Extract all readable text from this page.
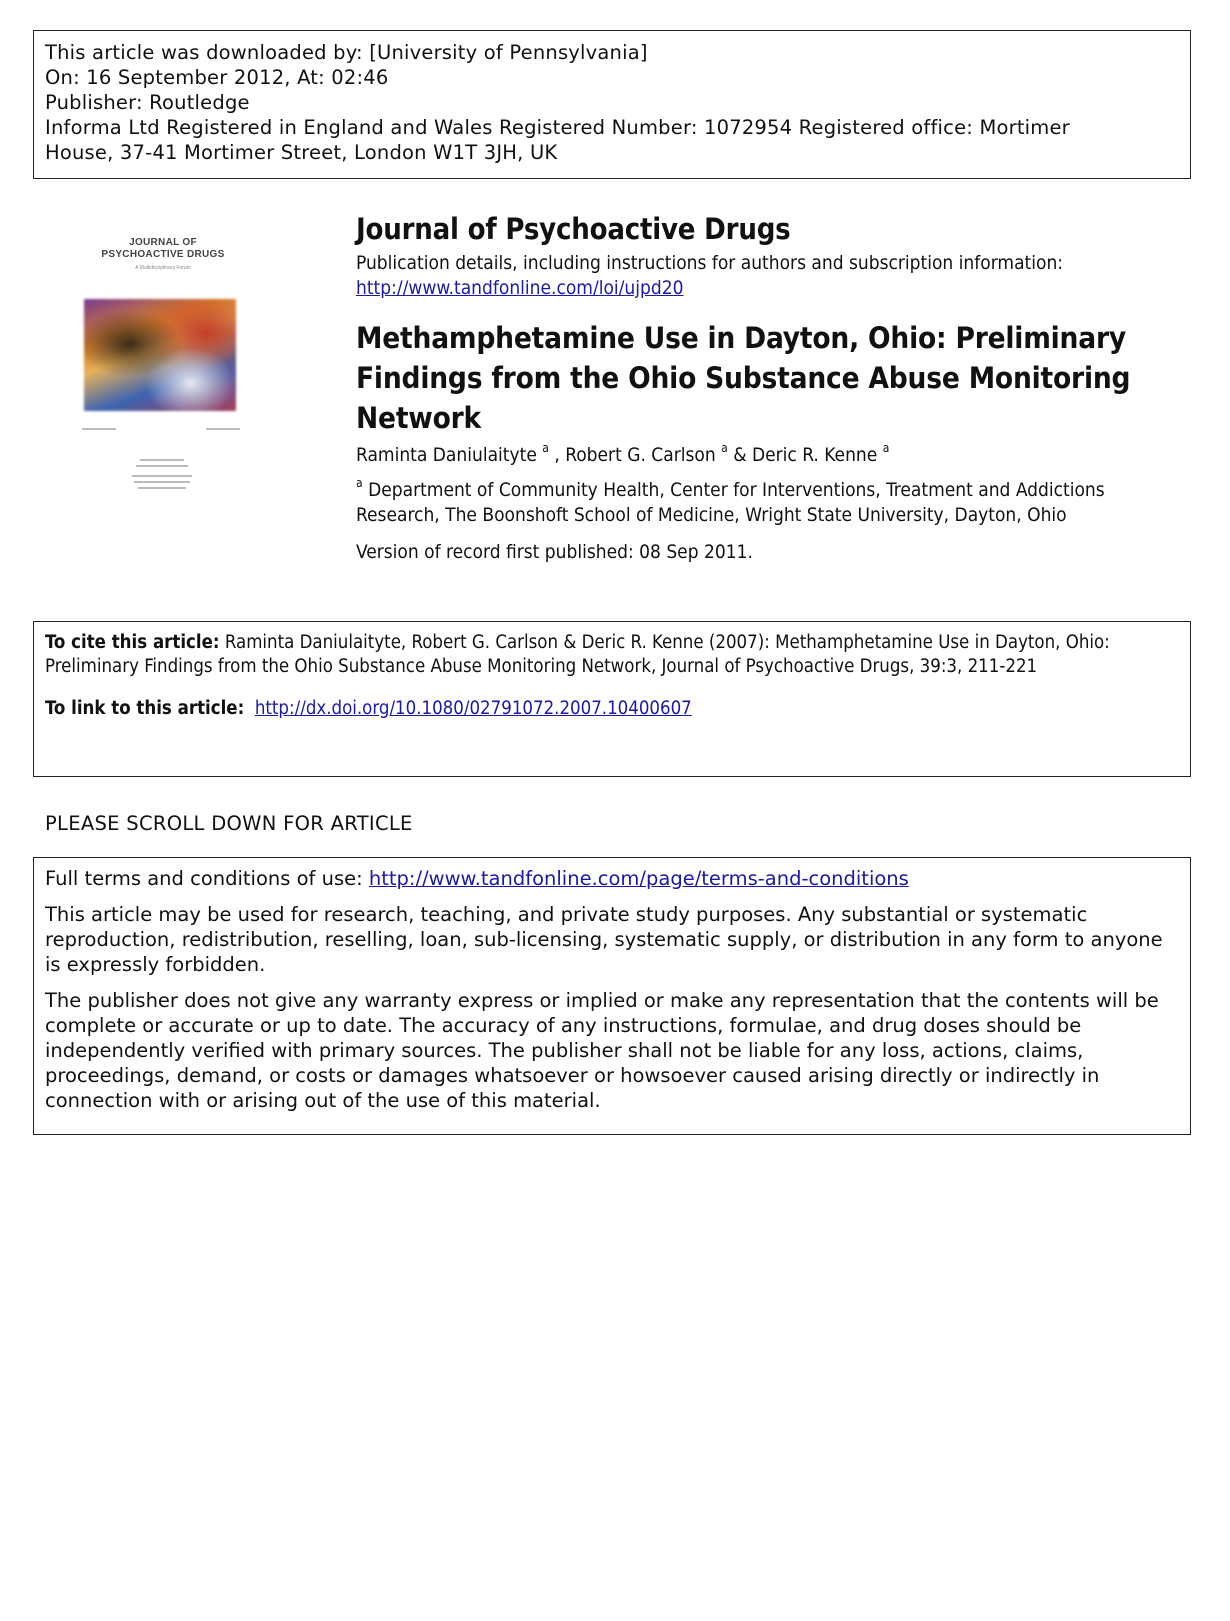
This article was downloaded by: [University of Pennsylvania]
On: 16 September 2012, At: 02:46
Publisher: Routledge
Informa Ltd Registered in England and Wales Registered Number: 1072954 Registered office: Mortimer
House, 37-41 Mortimer Street, London W1T 3JH, UK
JOURNAL OF
PSYCHOACTIVE DRUGS
A Multidisciplinary Forum
Journal of Psychoactive Drugs
Publication details, including instructions for authors and subscription information:
http://www.tandfonline.com/loi/ujpd20
Methamphetamine Use in Dayton, Ohio: Preliminary Findings from the Ohio Substance Abuse Monitoring Network
Raminta Daniulaityte $^a$ , Robert G. Carlson $^a$ & Deric R. Kenne $^a$
$^a$ Department of Community Health, Center for Interventions, Treatment and Addictions Research, The Boonshoft School of Medicine, Wright State University, Dayton, Ohio
Version of record first published: 08 Sep 2011.

To cite this article: Raminta Daniulaityte, Robert G. Carlson & Deric R. Kenne (2007): Methamphetamine Use in Dayton, Ohio: Preliminary Findings from the Ohio Substance Abuse Monitoring Network, Journal of Psychoactive Drugs, 39:3, 211-221

To link to this article: http://dx.doi.org/10.1080/02791072.2007.10400607

PLEASE SCROLL DOWN FOR ARTICLE

Full terms and conditions of use: http://www.tandfonline.com/page/terms-and-conditions

This article may be used for research, teaching, and private study purposes. Any substantial or systematic reproduction, redistribution, reselling, loan, sub-licensing, systematic supply, or distribution in any form to anyone is expressly forbidden.

The publisher does not give any warranty express or implied or make any representation that the contents will be complete or accurate or up to date. The accuracy of any instructions, formulae, and drug doses should be independently verified with primary sources. The publisher shall not be liable for any loss, actions, claims, proceedings, demand, or costs or damages whatsoever or howsoever caused arising directly or indirectly in connection with or arising out of the use of this material.
